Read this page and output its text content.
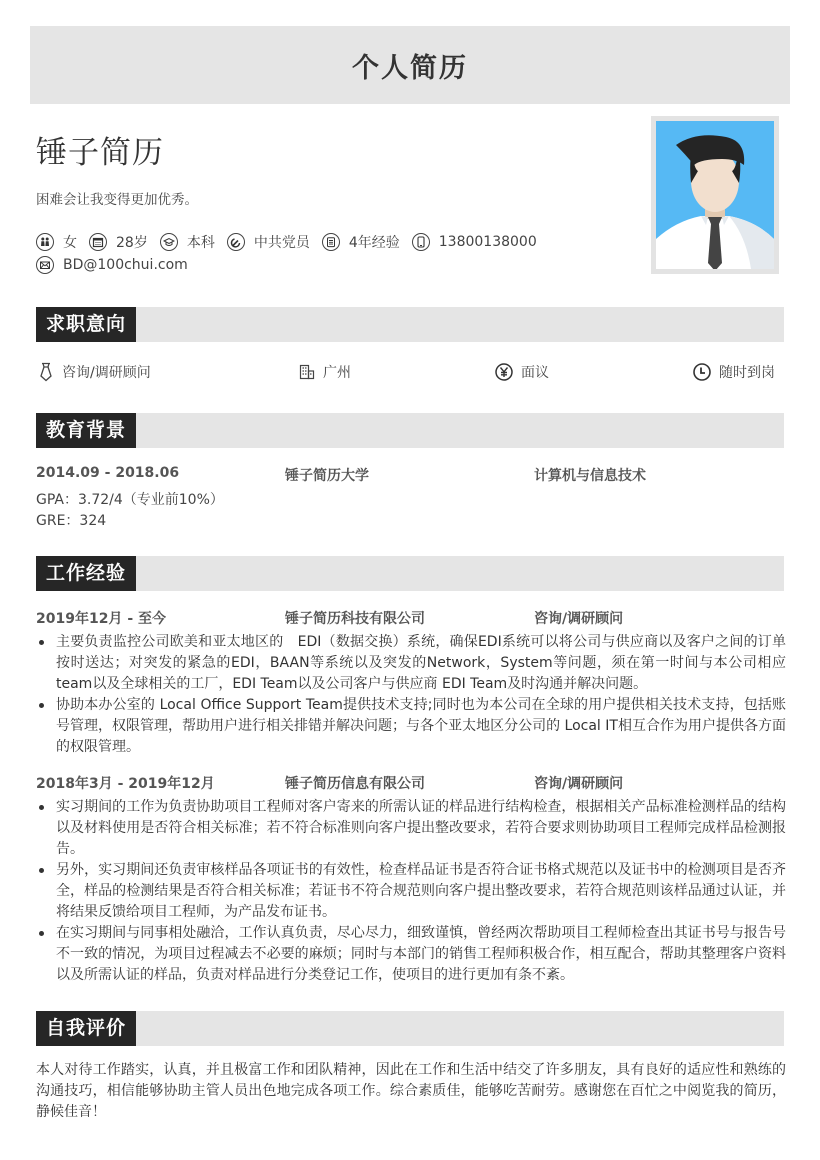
个人简历
锤子简历
困难会让我变得更加优秀。
女	28岁	本科	中共党员	4年经验	13800138000
BD@100chui.com
求职意向
咨询/调研顾问	广州	面议	随时到岗
教育背景
2014.09 - 2018.06	锤子简历大学	计算机与信息技术
GPA：3.72/4（专业前10%）
GRE：324
工作经验
2019年12月 - 至今	锤子简历科技有限公司	咨询/调研顾问
主要负责监控公司欧美和亚太地区的　EDI（数据交换）系统，确保EDI系统可以将公司与供应商以及客户之间的订单按时送达；对突发的紧急的EDI，BAAN等系统以及突发的Network，System等问题，须在第一时间与本公司相应team以及全球相关的工厂，EDI Team以及公司客户与供应商 EDI Team及时沟通并解决问题。
协助本办公室的 Local Office Support Team提供技术支持;同时也为本公司在全球的用户提供相关技术支持，包括账号管理，权限管理，帮助用户进行相关排错并解决问题；与各个亚太地区分公司的 Local IT相互合作为用户提供各方面的权限管理。
2018年3月 - 2019年12月	锤子简历信息有限公司	咨询/调研顾问
实习期间的工作为负责协助项目工程师对客户寄来的所需认证的样品进行结构检查，根据相关产品标准检测样品的结构以及材料使用是否符合相关标准；若不符合标准则向客户提出整改要求，若符合要求则协助项目工程师完成样品检测报告。
另外，实习期间还负责审核样品各项证书的有效性，检查样品证书是否符合证书格式规范以及证书中的检测项目是否齐全，样品的检测结果是否符合相关标准；若证书不符合规范则向客户提出整改要求，若符合规范则该样品通过认证，并将结果反馈给项目工程师，为产品发布证书。
在实习期间与同事相处融洽，工作认真负责，尽心尽力，细致谨慎，曾经两次帮助项目工程师检查出其证书号与报告号不一致的情况，为项目过程减去不必要的麻烦；同时与本部门的销售工程师积极合作，相互配合，帮助其整理客户资料以及所需认证的样品，负责对样品进行分类登记工作，使项目的进行更加有条不紊。
自我评价
本人对待工作踏实，认真，并且极富工作和团队精神，因此在工作和生活中结交了许多朋友，具有良好的适应性和熟练的沟通技巧，相信能够协助主管人员出色地完成各项工作。综合素质佳，能够吃苦耐劳。感谢您在百忙之中阅览我的简历，静候佳音！
